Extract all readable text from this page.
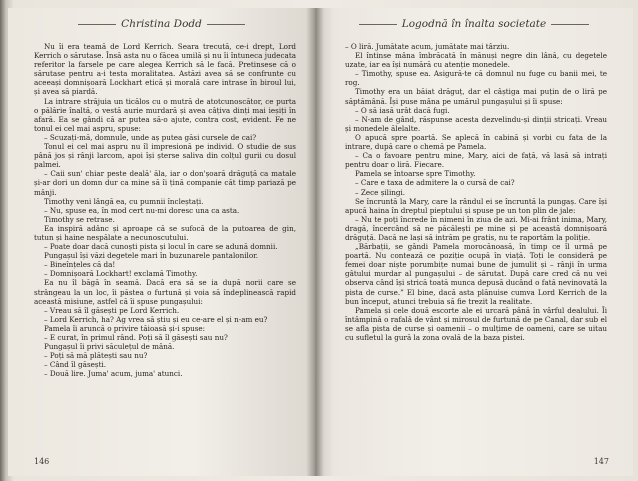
Christina Dodd

Nu îi era teamă de Lord Kerrich. Seara trecută, ce-i drept, Lord Kerrich o sărutase. Însă asta nu o făcea umilă și nu îi întuneca judecata referitor la farsele pe care alegea Kerrich să le facă. Pretinsese că o sărutase pentru a-i testa moralitatea. Astăzi avea să se confrunte cu aceeași domnișoară Lockhart etică și morală care intrase în biroul lui, și avea să piardă.

La intrare străjuia un ticălos cu o mutră de atotcunoscător, ce purta o pălărie înaltă, o vestă aurie murdară și avea câțiva dinți mai ieșiți în afară. Ea se gândi că ar putea să-o ajute, contra cost, evident. Fe ne tonul ei cel mai aspru, spuse:

– Scuzați-mă, domnule, unde aș putea găsi cursele de cai?

Tonul ei cel mai aspru nu îl impresionă pe individ. O studie de sus până jos și rânji larcom, apoi își șterse saliva din colțul gurii cu dosul palmei.

– Caii sun' chiar peste deală' ăla, iar o don'șoară drăguță ca matale și-ar dori un domn dur ca mine să îi țină companie căt timp pariază pe mânji.

Timothy veni lângă ea, cu pumnii încleștați.

– Nu, spuse ea, în mod cert nu-mi doresc una ca asta.

Timothy se retrase.

Ea inspiră adânc și aproape că se sufocă de la putoarea de gin, tutun și haine nespălate a necunoscutului.

– Poate doar dacă cunoști pista și locul în care se adună domnii.

Pungașul își văzi degetele mari în buzunarele pantalonilor.

– Bineînțeles că da!

– Domnișoară Lockhart! exclamă Timothy.

Ea nu îl băgă în seamă. Dacă era să se ia după norii care se strângeau la un loc, îi păstea o furtună și voia să îndeplinească rapid această misiune, astfel că îi spuse pungașului:

– Vreau să îl găsești pe Lord Kerrich.

– Lord Kerrich, ha? Ag vrea să știu și eu ce-are el și n-am eu?

Pamela îi aruncă o privire tăioasă și-i spuse:

– E curat, în primul rând. Poți să îl găsești sau nu?

Pungașul îi privi săculețul de mână.

– Poți să mă plătești sau nu?

– Când îl găsești.

– Două lire. Juma' acum, juma' atunci.

146
Logodnă în înalta societate

– O liră. Jumătate acum, jumătate mai târziu.

El întinse mâna îmbrăcată în mănuși negre din lână, cu degetele uzate, iar ea își numără cu atenție monedele.

– Timothy, spuse ea. Asigură-te că domnul nu fuge cu banii mei, te rog.

Timothy era un băiat drăguț, dar el câștiga mai puțin de o liră pe săptămână. Își puse mâna pe umărul pungașului și îi spuse:

– O să iasă urât dacă fugi.

– N-am de gând, răspunse acesta dezvelindu-și dinții stricați. Vreau și monedele ălelalte.

O apucă spre poartă. Se aplecă în cabină și vorbi cu fata de la intrare, după care o chemă pe Pamela.

– Ca o favoare pentru mine, Mary, aici de față, vă lasă să intrați pentru doar o liră. Fiecare.

Pamela se întoarse spre Timothy.

– Care e taxa de admitere la o cursă de cai?

– Zece șilingi.

Se încruntă la Mary, care la rândul ei se încruntă la pungaș. Care își apucă haina în dreptul pieptului și spuse pe un ton plin de jale:

– Nu te poți încrede în nimeni în ziua de azi. Mi-ai frânt inima, Mary, dragă, încercând să ne păcălești pe mine și pe această domnișoară drăguță. Dacă ne lași să intrăm pe gratis, nu te raportăm la poliție.

„Bărbații, se gândi Pamela morocănoasă, în timp ce îl urmă pe poartă. Nu contează ce poziție ocupă în viață. Toți le consideră pe femei doar niște porumbițe numai bune de jumulit și – rânji în urma gâtului murdar al pungașului – de sărutat. După care cred că nu vei observa când își strică toată munca depusă ducând o fată nevinovată la pista de curse.” El bine, dacă asta plănuise cumva Lord Kerrich de la bun început, atunci trebuia să fie trezit la realitate.

Pamela și cele două escorte ale ei urcară până în vârful dealului. Îi întâmpină o rafală de vânt și mirosul de furtună de pe Canal, dar sub el se afla pista de curse și oamenii – o mulțime de oameni, care se uitau cu sufletul la gură la zona ovală de la baza pistei.

147
